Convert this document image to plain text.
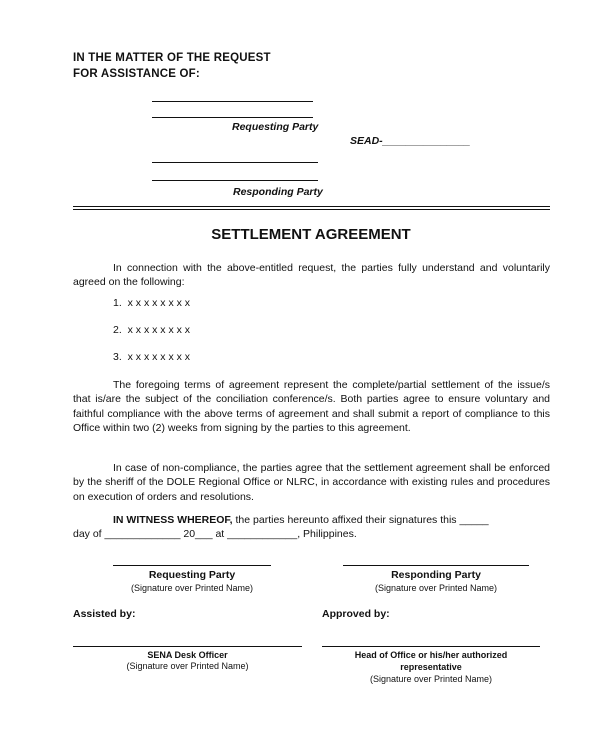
IN THE MATTER OF THE REQUEST
FOR ASSISTANCE OF:
Requesting Party
SEAD-_______________
Responding Party
SETTLEMENT AGREEMENT
In connection with the above-entitled request, the parties fully understand and voluntarily agreed on the following:
1. x x x x x x x x
2. x x x x x x x x
3. x x x x x x x x
The foregoing terms of agreement represent the complete/partial settlement of the issue/s that is/are the subject of the conciliation conference/s. Both parties agree to ensure voluntary and faithful compliance with the above terms of agreement and shall submit a report of compliance to this Office within two (2) weeks from signing by the parties to this agreement.
In case of non-compliance, the parties agree that the settlement agreement shall be enforced by the sheriff of the DOLE Regional Office or NLRC, in accordance with existing rules and procedures on execution of orders and resolutions.
IN WITNESS WHEREOF, the parties hereunto affixed their signatures this _____
day of _____________ 20___ at ____________, Philippines.
Requesting Party
(Signature over Printed Name)
Responding Party
(Signature over Printed Name)
Assisted by:	Approved by:
SENA Desk Officer
(Signature over Printed Name)
Head of Office or his/her authorized
representative
(Signature over Printed Name)
